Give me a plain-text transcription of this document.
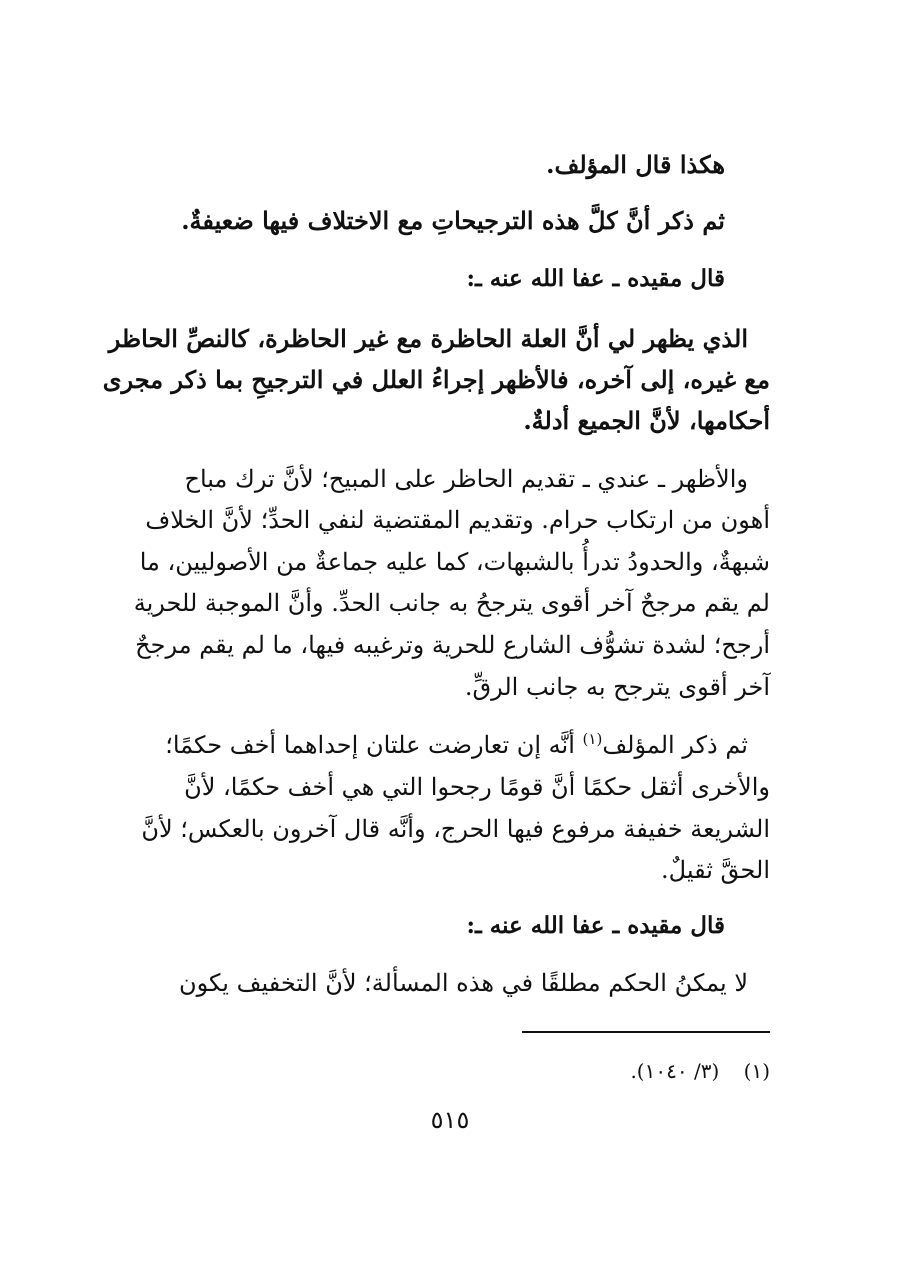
هكذا قال المؤلف.
ثم ذكر أنَّ كلَّ هذه الترجيحاتِ مع الاختلاف فيها ضعيفةٌ.
قال مقيده ـ عفا الله عنه ـ:
الذي يظهر لي أنَّ العلة الحاظرة مع غير الحاظرة، كالنصِّ الحاظر
مع غيره، إلى آخره، فالأظهر إجراءُ العلل في الترجيحِ بما ذكر مجرى
أحكامها، لأنَّ الجميع أدلةٌ.
والأظهر ـ عندي ـ تقديم الحاظر على المبيح؛ لأنَّ ترك مباح
أهون من ارتكاب حرام. وتقديم المقتضية لنفي الحدِّ؛ لأنَّ الخلاف
شبهةٌ، والحدودُ تدرأُ بالشبهات، كما عليه جماعةٌ من الأصوليين، ما
لم يقم مرجحٌ آخر أقوى يترجحُ به جانب الحدِّ. وأنَّ الموجبة للحرية
أرجح؛ لشدة تشوُّف الشارع للحرية وترغيبه فيها، ما لم يقم مرجحٌ
آخر أقوى يترجح به جانب الرقِّ.
ثم ذكر المؤلف$^{(١)}$ أنَّه إن تعارضت علتان إحداهما أخف حكمًا؛
والأخرى أثقل حكمًا أنَّ قومًا رجحوا التي هي أخف حكمًا، لأنَّ
الشريعة خفيفة مرفوع فيها الحرج، وأنَّه قال آخرون بالعكس؛ لأنَّ
الحقَّ ثقيلٌ.
قال مقيده ـ عفا الله عنه ـ:
لا يمكنُ الحكم مطلقًا في هذه المسألة؛ لأنَّ التخفيف يكون
(١) (٣/ ١٠٤٠).
٥١٥
